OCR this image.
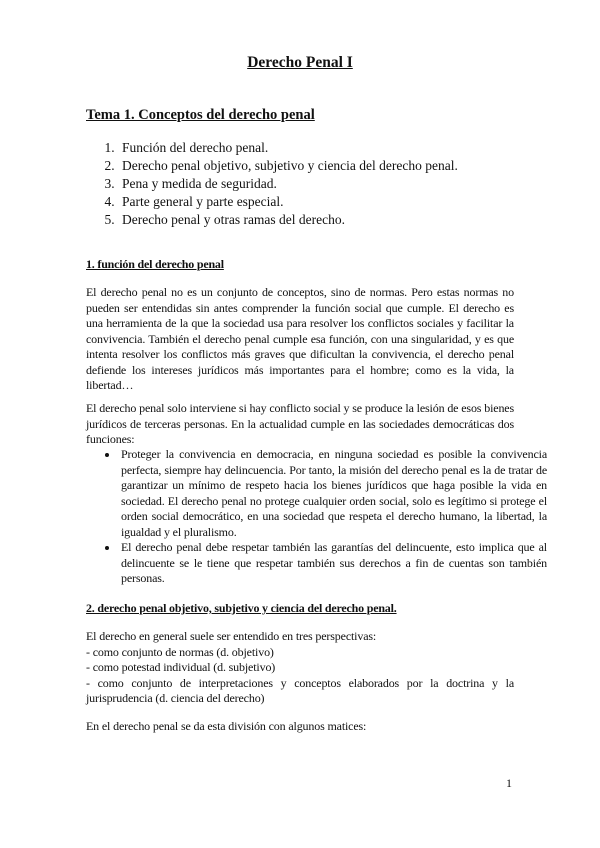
Derecho Penal I
Tema 1. Conceptos del derecho penal
1. Función del derecho penal.
2. Derecho penal objetivo, subjetivo y ciencia del derecho penal.
3. Pena y medida de seguridad.
4. Parte general y parte especial.
5. Derecho penal y otras ramas del derecho.
1. función del derecho penal

El derecho penal no es un conjunto de conceptos, sino de normas. Pero estas normas no pueden ser entendidas sin antes comprender la función social que cumple. El derecho es una herramienta de la que la sociedad usa para resolver los conflictos sociales y facilitar la convivencia. También el derecho penal cumple esa función, con una singularidad, y es que intenta resolver los conflictos más graves que dificultan la convivencia, el derecho penal defiende los intereses jurídicos más importantes para el hombre; como es la vida, la libertad…

El derecho penal solo interviene si hay conflicto social y se produce la lesión de esos bienes jurídicos de terceras personas. En la actualidad cumple en las sociedades democráticas dos funciones:

• Proteger la convivencia en democracia, en ninguna sociedad es posible la convivencia perfecta, siempre hay delincuencia. Por tanto, la misión del derecho penal es la de tratar de garantizar un mínimo de respeto hacia los bienes jurídicos que haga posible la vida en sociedad. El derecho penal no protege cualquier orden social, solo es legítimo si protege el orden social democrático, en una sociedad que respeta el derecho humano, la libertad, la igualdad y el pluralismo.
• El derecho penal debe respetar también las garantías del delincuente, esto implica que al delincuente se le tiene que respetar también sus derechos a fin de cuentas son también personas.
2. derecho penal objetivo, subjetivo y ciencia del derecho penal.
El derecho en general suele ser entendido en tres perspectivas:
- como conjunto de normas (d. objetivo)
- como potestad individual (d. subjetivo)
- como conjunto de interpretaciones y conceptos elaborados por la doctrina y la jurisprudencia (d. ciencia del derecho)

En el derecho penal se da esta división con algunos matices:

1
